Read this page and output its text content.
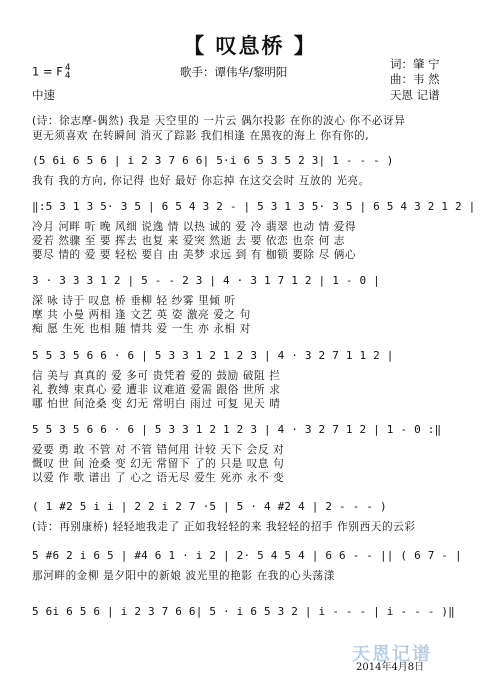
【 叹息桥 】
1 = F 4
4	歌手：谭伟华/黎明阳
词：肇 宁
曲：韦 然
天恩 记谱
中速
(诗：徐志摩-偶然) 我是 天空里的 一片云 偶尔投影 在你的波心 你不必讶异
更无须喜欢 在转瞬间 消灭了踪影 我们相逢 在黑夜的海上 你有你的,
(5 6i 6 5 6 | i 2 3 7 6 6| 5·i 6 5 3 5 2 3| 1 - - - )
我有 我的方向, 你记得 也好 最好 你忘掉 在这交会时 互放的 光亮。
‖:5 3 1 3 5· 3 5 | 6 5 4 3 2 - | 5 3 1 3 5· 3 5 | 6 5 4 3 2 1 2 |
冷月 河畔 听 晚 风细 说逸 情 以热 诚的 爱 冷 翡翠 也动 情 爱得
爱若 然骤 至 要 挥去 也复 来 爱突 然逝 去 要 依恋 也奈 何 志
要尽 情的 爱 要 轻松 要自 由 美梦 求远 到 有 枷锁 要除 尽 俩心
3 · 3 3 3 1 2 | 5 - - 2 3 | 4 · 3 1 7 1 2 | 1 - 0 |
深 咏 诗于 叹息 桥 垂柳 轻 纱雾 里倾 听
摩 共 小曼 两相 逢 文艺 英 姿 激亮 爱之 句
痴 愿 生死 也相 随 情共 爱 一生 亦 永相 对
5 5 3 5 6 6 · 6 | 5 3 3 1 2 1 2 3 | 4 · 3 2 7 1 1 2 |
信 美与 真真的 爱 多可 贵凭着 爱的 鼓励 破阻 拦
礼 教缚 束真心 爱 遭非 议难道 爱需 跟俗 世所 求
哪 怕世 间沧桑 变 幻无 常明白 雨过 可复 见天 晴
5 5 3 5 6 6 · 6 | 5 3 3 1 2 1 2 3 | 4 · 3 2 7 1 2 | 1 - 0 :‖
爱要 勇 敢 不管 对 不管 错何用 计较 天下 会反 对
慨叹 世 间 沧桑 变 幻无 常留下 了的 只是 叹息 句
以爱 作 歌 谱出 了 心之 语无尽 爱生 死亦 永不 变
( 1 #2 5 i i | 2 2 i 2 7 ·5 | 5 · 4 #2 4 | 2 - - - )
(诗：再别康桥) 轻轻地我走了 正如我轻轻的来 我轻轻的招手 作别西天的云彩
5 #6 2 i 6 5 | #4 6 1 · i 2 | 2· 5 4 5 4 | 6 6 - - || ( 6 7 - |
那河畔的金柳 是夕阳中的新娘 波光里的艳影 在我的心头荡漾
5 6i 6 5 6 | i 2 3 7 6 6| 5 · i 6 5 3 2 | i - - - | i - - - )‖
天恩记谱
2014年4月8日
